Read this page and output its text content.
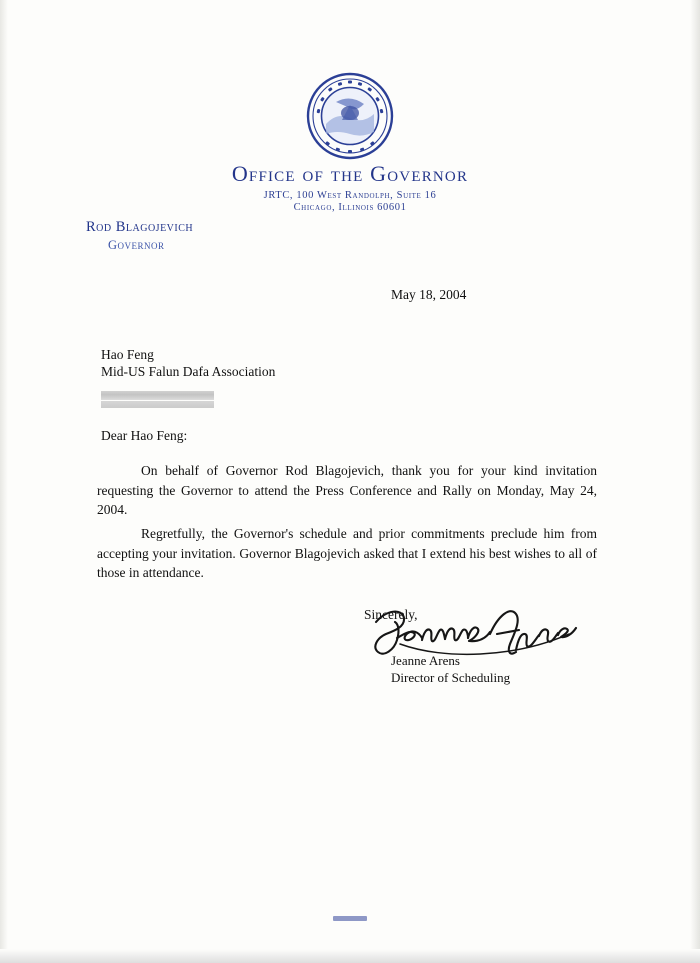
Office of the Governor
JRTC, 100 West Randolph, Suite 16
Chicago, Illinois 60601
Rod Blagojevich
Governor
May 18, 2004
Hao Feng
Mid-US Falun Dafa Association
Dear Hao Feng:
On behalf of Governor Rod Blagojevich, thank you for your kind invitation requesting the Governor to attend the Press Conference and Rally on Monday, May 24, 2004.
Regretfully, the Governor's schedule and prior commitments preclude him from accepting your invitation. Governor Blagojevich asked that I extend his best wishes to all of those in attendance.
Sincerely,
Jeanne Arens
Director of Scheduling
